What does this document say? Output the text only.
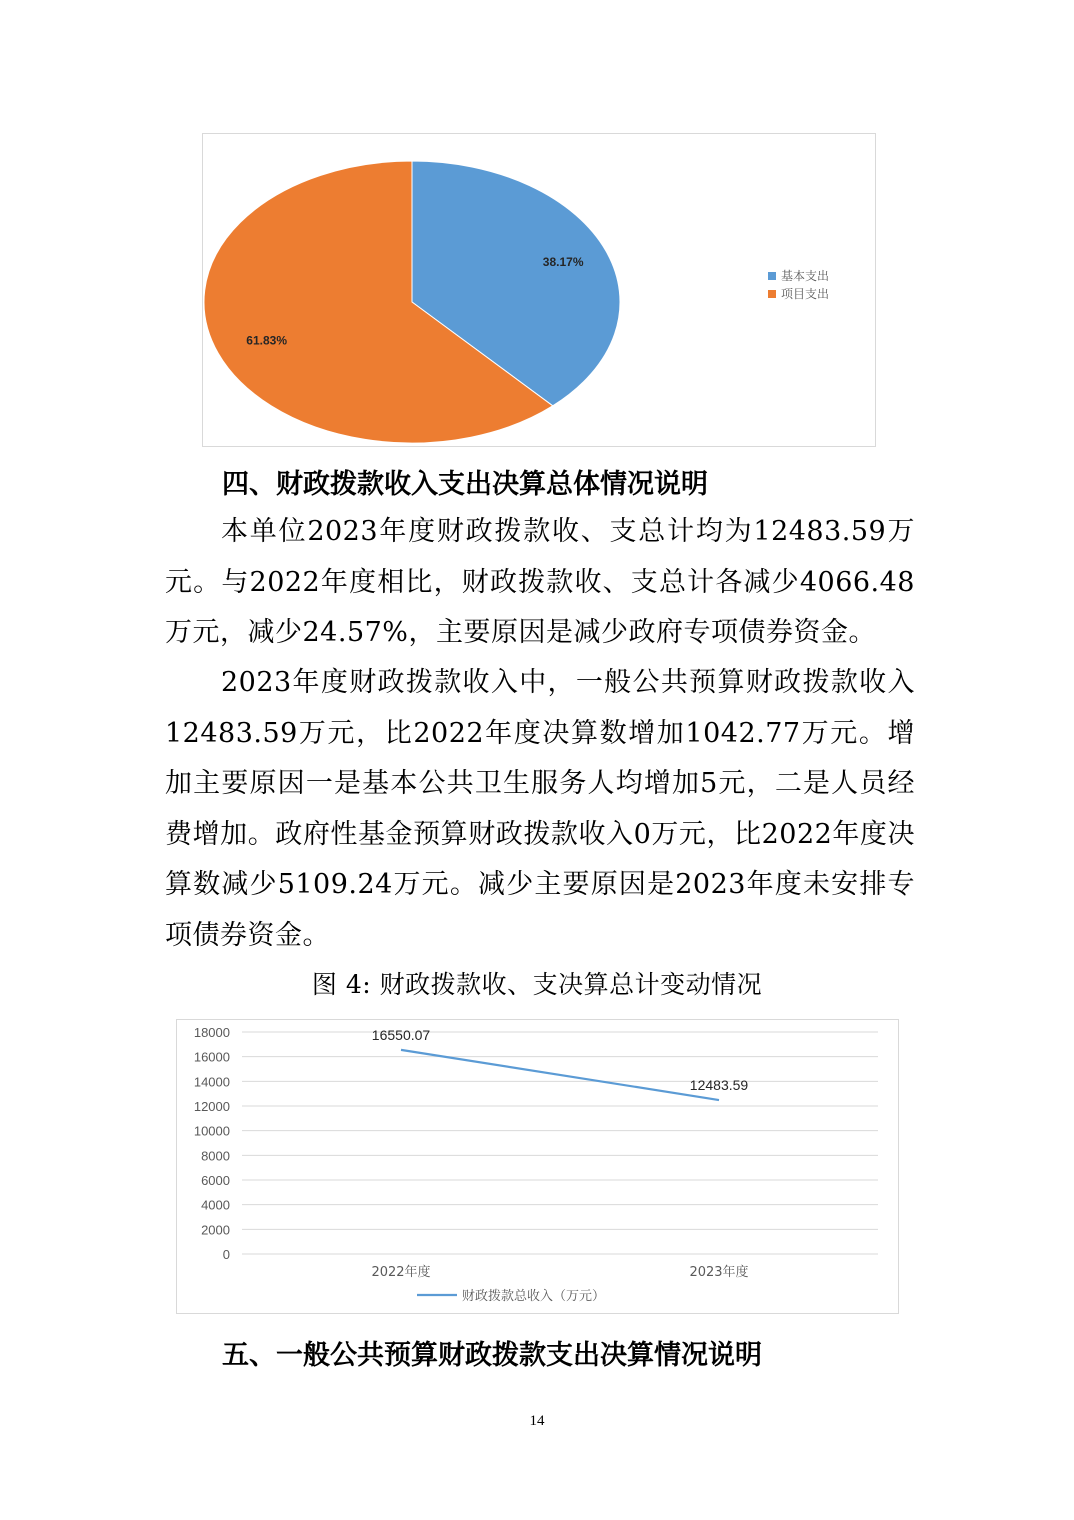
38.17%
61.83%
基本支出
项目支出
四、财政拨款收入支出决算总体情况说明

本单位2023年度财政拨款收、支总计均为12483.59万元。与2022年度相比，财政拨款收、支总计各减少4066.48万元，减少24.57%，主要原因是减少政府专项债券资金。

2023年度财政拨款收入中，一般公共预算财政拨款收入12483.59万元，比2022年度决算数增加1042.77万元。增加主要原因一是基本公共卫生服务人均增加5元，二是人员经费增加。政府性基金预算财政拨款收入0万元，比2022年度决算数减少5109.24万元。减少主要原因是2023年度未安排专项债券资金。

图 4: 财政拨款收、支决算总计变动情况

0
2000
4000
6000
8000
10000
12000
14000
16000
18000
2022年度	2023年度
16550.07
12483.59
财政拨款总收入（万元）
五、一般公共预算财政拨款支出决算情况说明
14
